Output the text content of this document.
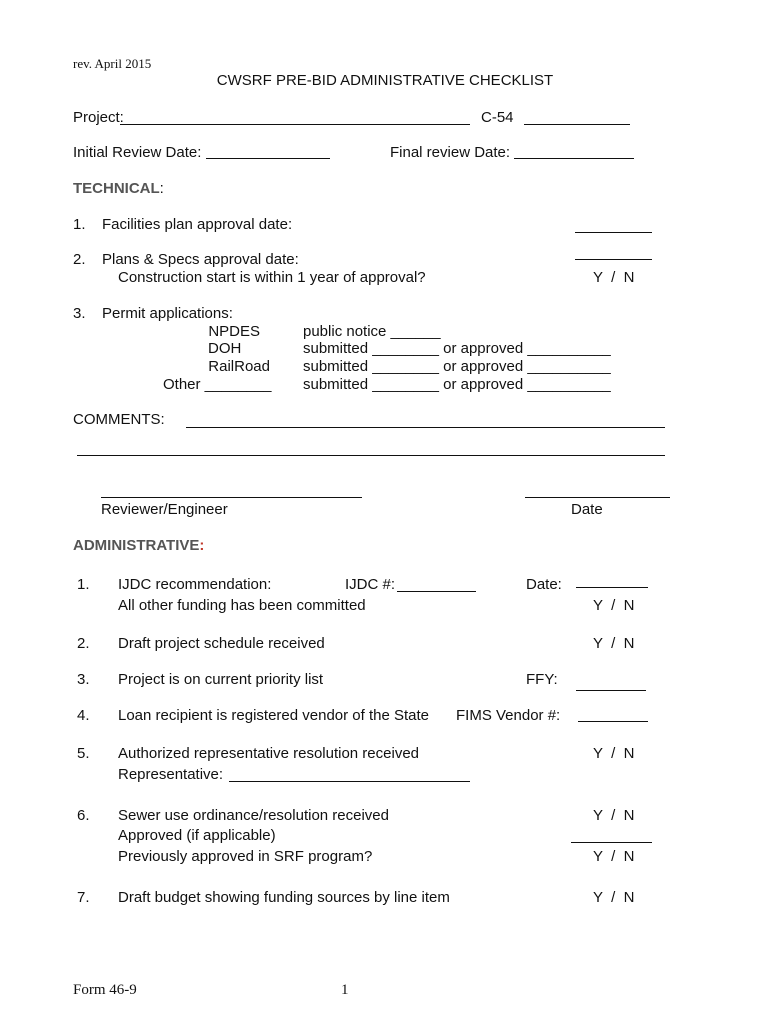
rev. April 2015
CWSRF PRE-BID ADMINISTRATIVE CHECKLIST
Project:	C-54
Initial Review Date:	Final review Date:
TECHNICAL:
1. Facilities plan approval date:
2. Plans & Specs approval date:
Construction start is within 1 year of approval?	Y  /  N
3. Permit applications:
NPDES	public notice ______
DOH	submitted ________ or approved __________
RailRoad submitted ________ or approved __________
Other ________ submitted ________ or approved __________
COMMENTS:
Reviewer/Engineer	Date
ADMINISTRATIVE:
1. IJDC recommendation:	IJDC #:	Date:
All other funding has been committed	Y  /  N
2. Draft project schedule received	Y  /  N
3. Project is on current priority list	FFY:
4. Loan recipient is registered vendor of the State FIMS Vendor #:
5. Authorized representative resolution received	Y  /  N
Representative:
6. Sewer use ordinance/resolution received	Y  /  N
Approved (if applicable)
Previously approved in SRF program?	Y  /  N
7. Draft budget showing funding sources by line item	Y  /  N
Form 46-9	1
